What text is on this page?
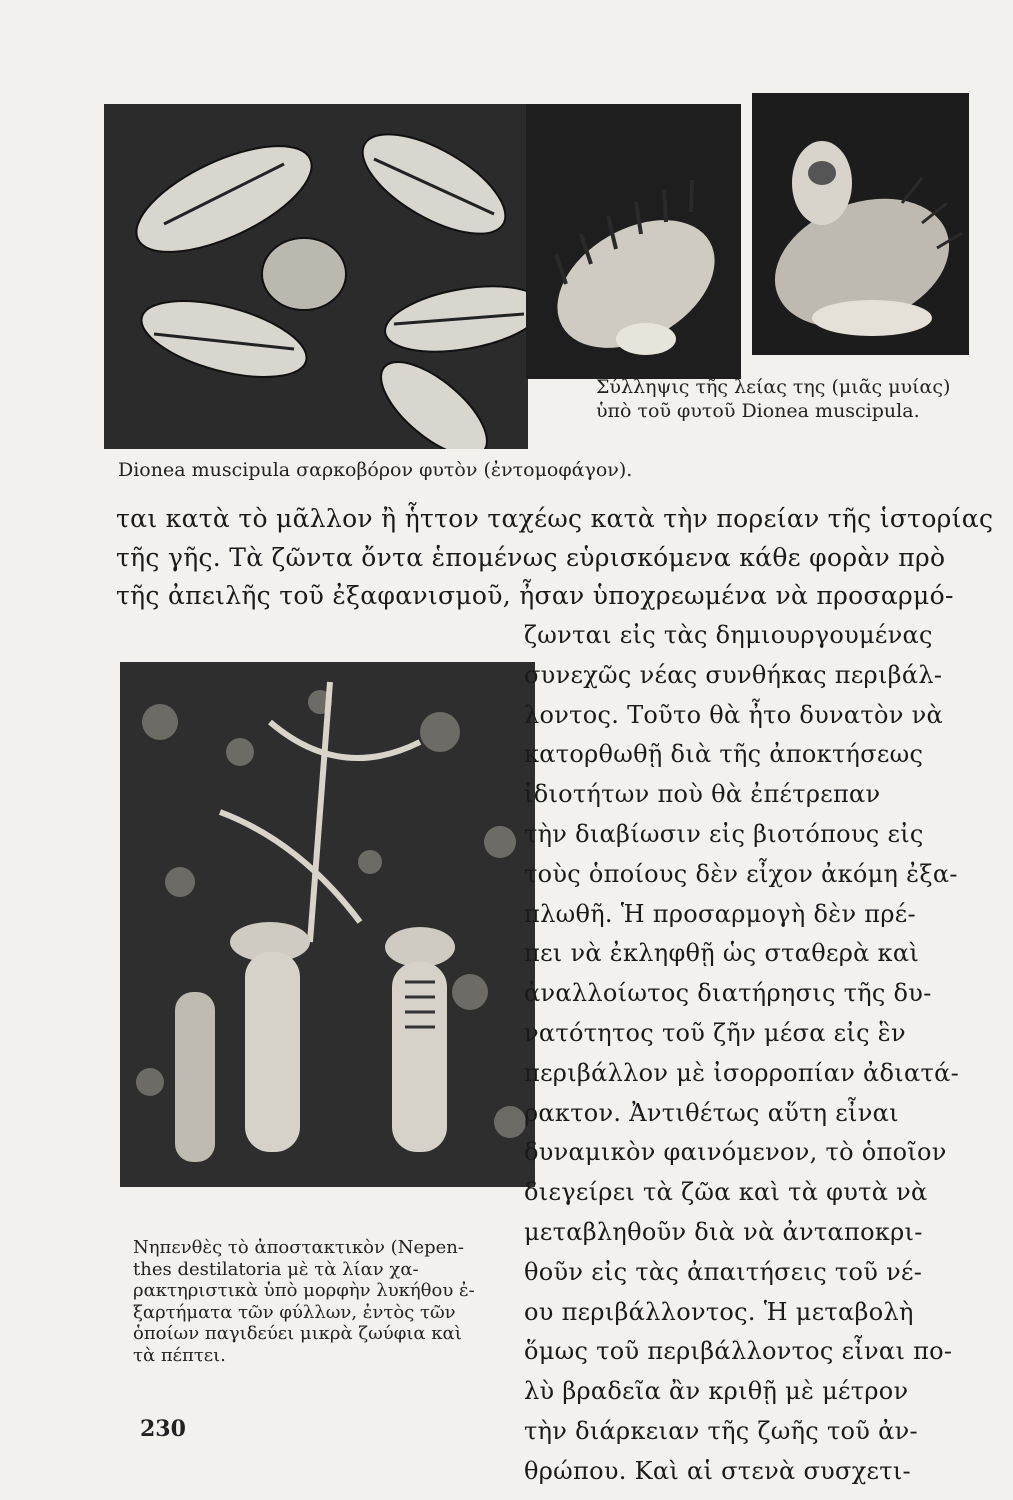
Σύλληψις τῆς λείας της (μιᾶς μυίας)
ὑπὸ τοῦ φυτοῦ Dionea muscipula.
Dionea muscipula σαρκοβόρον φυτὸν (ἐντομοφάγον).
ται κατὰ τὸ μᾶλλον ἢ ἧττον ταχέως κατὰ τὴν πορείαν τῆς ἱστορίας
τῆς γῆς. Τὰ ζῶντα ὄντα ἑπομένως εὑρισκόμενα κάθε φορὰν πρὸ
τῆς ἀπειλῆς τοῦ ἐξαφανισμοῦ, ἦσαν ὑποχρεωμένα νὰ προσαρμό-
Νηπενθὲς τὸ ἀποστακτικὸν (Nepen-
thes destilatoria μὲ τὰ λίαν χα-
ρακτηριστικὰ ὑπὸ μορφὴν λυκήθου ἐ-
ξαρτήματα τῶν φύλλων, ἐντὸς τῶν
ὁποίων παγιδεύει μικρὰ ζωύφια καὶ
τὰ πέπτει.
ζωνται εἰς τὰς δημιουργουμένας
συνεχῶς νέας συνθήκας περιβάλ-
λοντος. Τοῦτο θὰ ἦτο δυνατὸν νὰ
κατορθωθῇ διὰ τῆς ἀποκτήσεως
ἰδιοτήτων ποὺ θὰ ἐπέτρεπαν
τὴν διαβίωσιν εἰς βιοτόπους εἰς
τοὺς ὁποίους δὲν εἶχον ἀκόμη ἐξα-
πλωθῆ. Ἡ προσαρμογὴ δὲν πρέ-
πει νὰ ἐκληφθῇ ὡς σταθερὰ καὶ
ἀναλλοίωτος διατήρησις τῆς δυ-
νατότητος τοῦ ζῆν μέσα εἰς ἓν
περιβάλλον μὲ ἰσορροπίαν ἀδιατά-
ρακτον. Ἀντιθέτως αὕτη εἶναι
δυναμικὸν φαινόμενον, τὸ ὁποῖον
διεγείρει τὰ ζῶα καὶ τὰ φυτὰ νὰ
μεταβληθοῦν διὰ νὰ ἀνταποκρι-
θοῦν εἰς τὰς ἀπαιτήσεις τοῦ νέ-
ου περιβάλλοντος. Ἡ μεταβολὴ
ὅμως τοῦ περιβάλλοντος εἶναι πο-
λὺ βραδεῖα ἂν κριθῇ μὲ μέτρον
τὴν διάρκειαν τῆς ζωῆς τοῦ ἀν-
θρώπου. Καὶ αἱ στενὰ συσχετι-
230
